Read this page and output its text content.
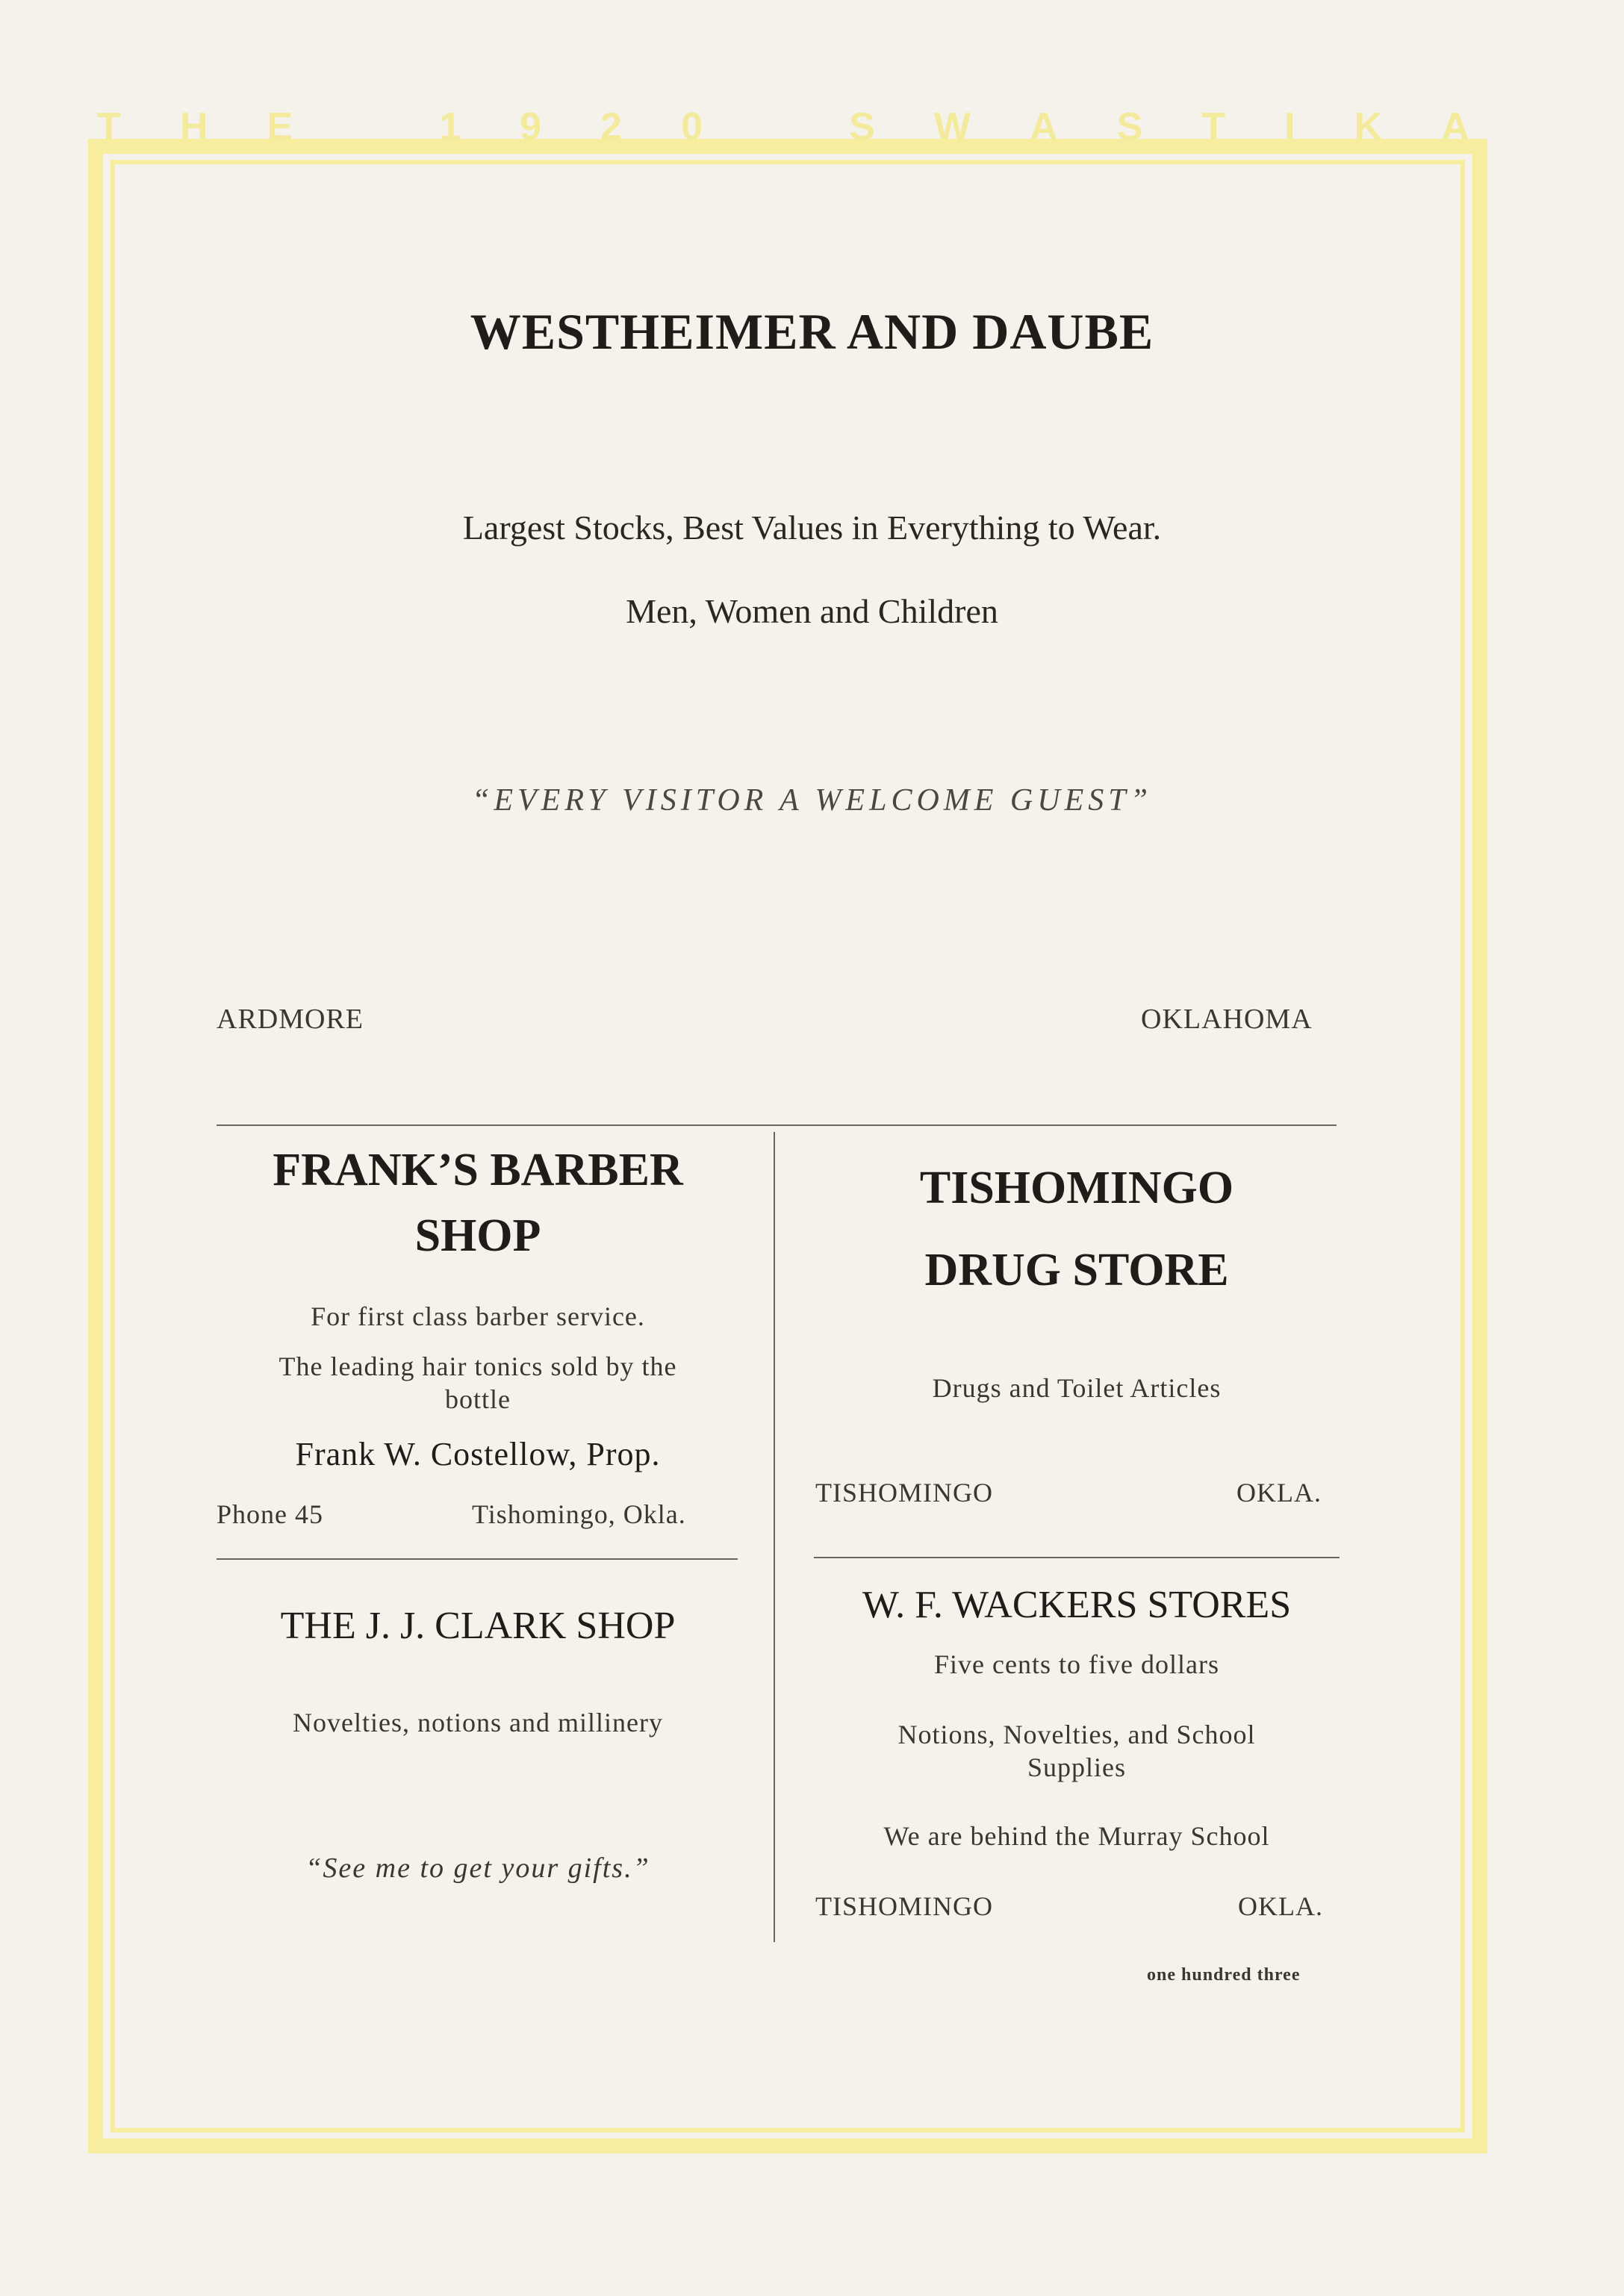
T H E	1 9 2 0	S W A S T I K A
WESTHEIMER AND DAUBE
Largest Stocks, Best Values in Everything to Wear.
Men, Women and Children
“EVERY VISITOR A WELCOME GUEST”
ARDMORE	OKLAHOMA
FRANK’S BARBER
SHOP
For first class barber service.
The leading hair tonics sold by the
bottle
Frank W. Costellow, Prop.
Phone 45	Tishomingo, Okla.
TISHOMINGO
DRUG STORE
Drugs and Toilet Articles
TISHOMINGO	OKLA.
THE J. J. CLARK SHOP
Novelties, notions and millinery
“See me to get your gifts.”
W. F. WACKERS STORES
Five cents to five dollars
Notions, Novelties, and School
Supplies
We are behind the Murray School
TISHOMINGO	OKLA.
one hundred three
